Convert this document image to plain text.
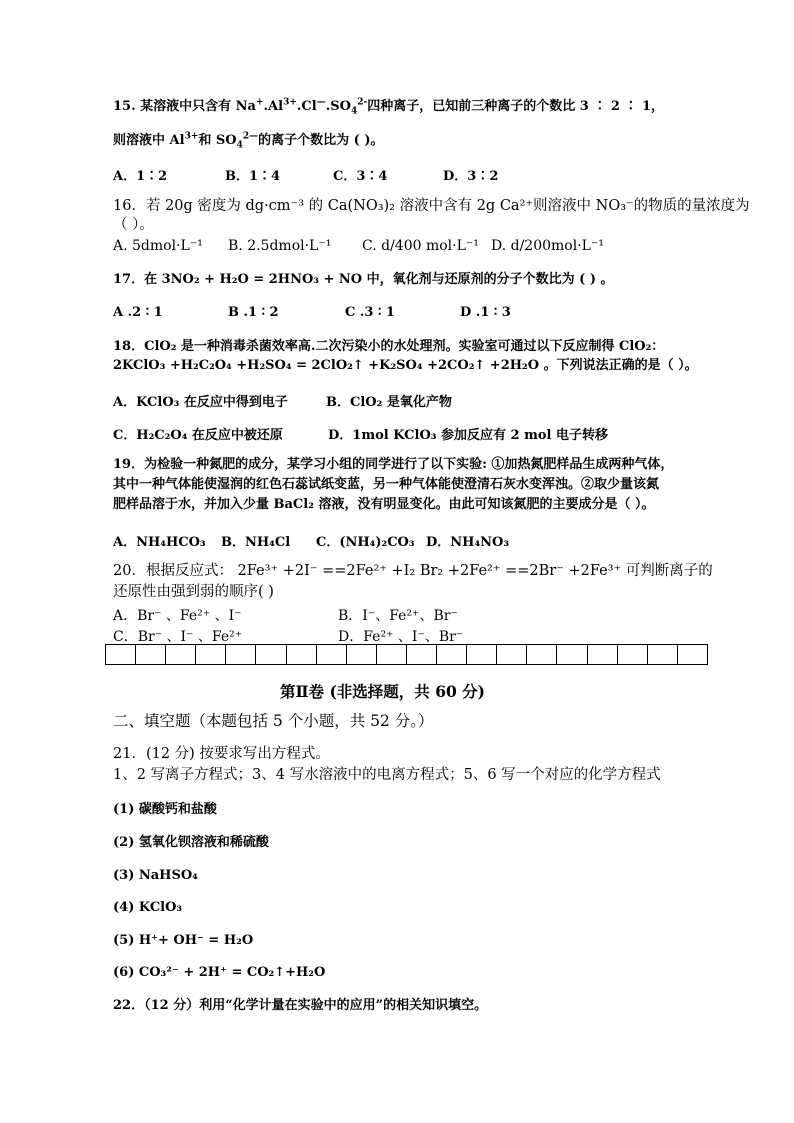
15. 某溶液中只含有 $Na^+.Al^{3+}.Cl^—.SO_4^{2-}$四种离子，已知前三种离子的个数比 3 ∶ 2 ∶ 1，
则溶液中 $Al^{3+}$和 $SO_4^{2—}$的离子个数比为 ( )。
A．1∶2	B．1∶4	C．3∶4	D．3∶2
16．若 20g 密度为 dg·cm⁻³ 的 Ca(NO₃)₂ 溶液中含有 2g Ca²⁺则溶液中 NO₃⁻的物质的量浓度为
（ ）。
A. 5dmol·L⁻¹ B. 2.5dmol·L⁻¹ C. d/400 mol·L⁻¹ D. d/200mol·L⁻¹
17．在 3NO₂ + H₂O = 2HNO₃ + NO 中，氧化剂与还原剂的分子个数比为 ( ) 。
A .2 ∶ 1	B .1 ∶ 2	C .3 ∶ 1	D .1 ∶ 3
18．ClO₂ 是一种消毒杀菌效率高.二次污染小的水处理剂。实验室可通过以下反应制得 ClO₂：
2KClO₃ +H₂C₂O₄ +H₂SO₄ = 2ClO₂↑ +K₂SO₄ +2CO₂↑ +2H₂O 。下列说法正确的是（ ）。
A．KClO₃ 在反应中得到电子	B．ClO₂ 是氧化产物
C．H₂C₂O₄ 在反应中被还原	D．1mol KClO₃ 参加反应有 2 mol 电子转移
19．为检验一种氮肥的成分，某学习小组的同学进行了以下实验: ①加热氮肥样品生成两种气体，
其中一种气体能使湿润的红色石蕊试纸变蓝，另一种气体能使澄清石灰水变浑浊。②取少量该氮
肥样品溶于水，并加入少量 BaCl₂ 溶液，没有明显变化。由此可知该氮肥的主要成分是（ ）。
A．NH₄HCO₃ B．NH₄Cl C．(NH₄)₂CO₃ D．NH₄NO₃
20．根据反应式： 2Fe³⁺ +2I⁻ ==2Fe²⁺ +I₂ Br₂ +2Fe²⁺ ==2Br⁻ +2Fe³⁺ 可判断离子的
还原性由强到弱的顺序( )
A．Br⁻ 、Fe²⁺ 、I⁻	B．I⁻、Fe²⁺、Br⁻
C．Br⁻ 、I⁻ 、Fe²⁺	D．Fe²⁺ 、I⁻、Br⁻

第Ⅱ卷 (非选择题，共 60 分)
二、填空题（本题包括 5 个小题，共 52 分。）
21．(12 分) 按要求写出方程式。
1、2 写离子方程式；3、4 写水溶液中的电离方程式；5、6 写一个对应的化学方程式
(1) 碳酸钙和盐酸
(2) 氢氧化钡溶液和稀硫酸
(3) NaHSO₄
(4) KClO₃
(5) H⁺+ OH⁻ = H₂O
(6) CO₃²⁻ + 2H⁺ = CO₂↑+H₂O
22．（12 分）利用“化学计量在实验中的应用”的相关知识填空。
